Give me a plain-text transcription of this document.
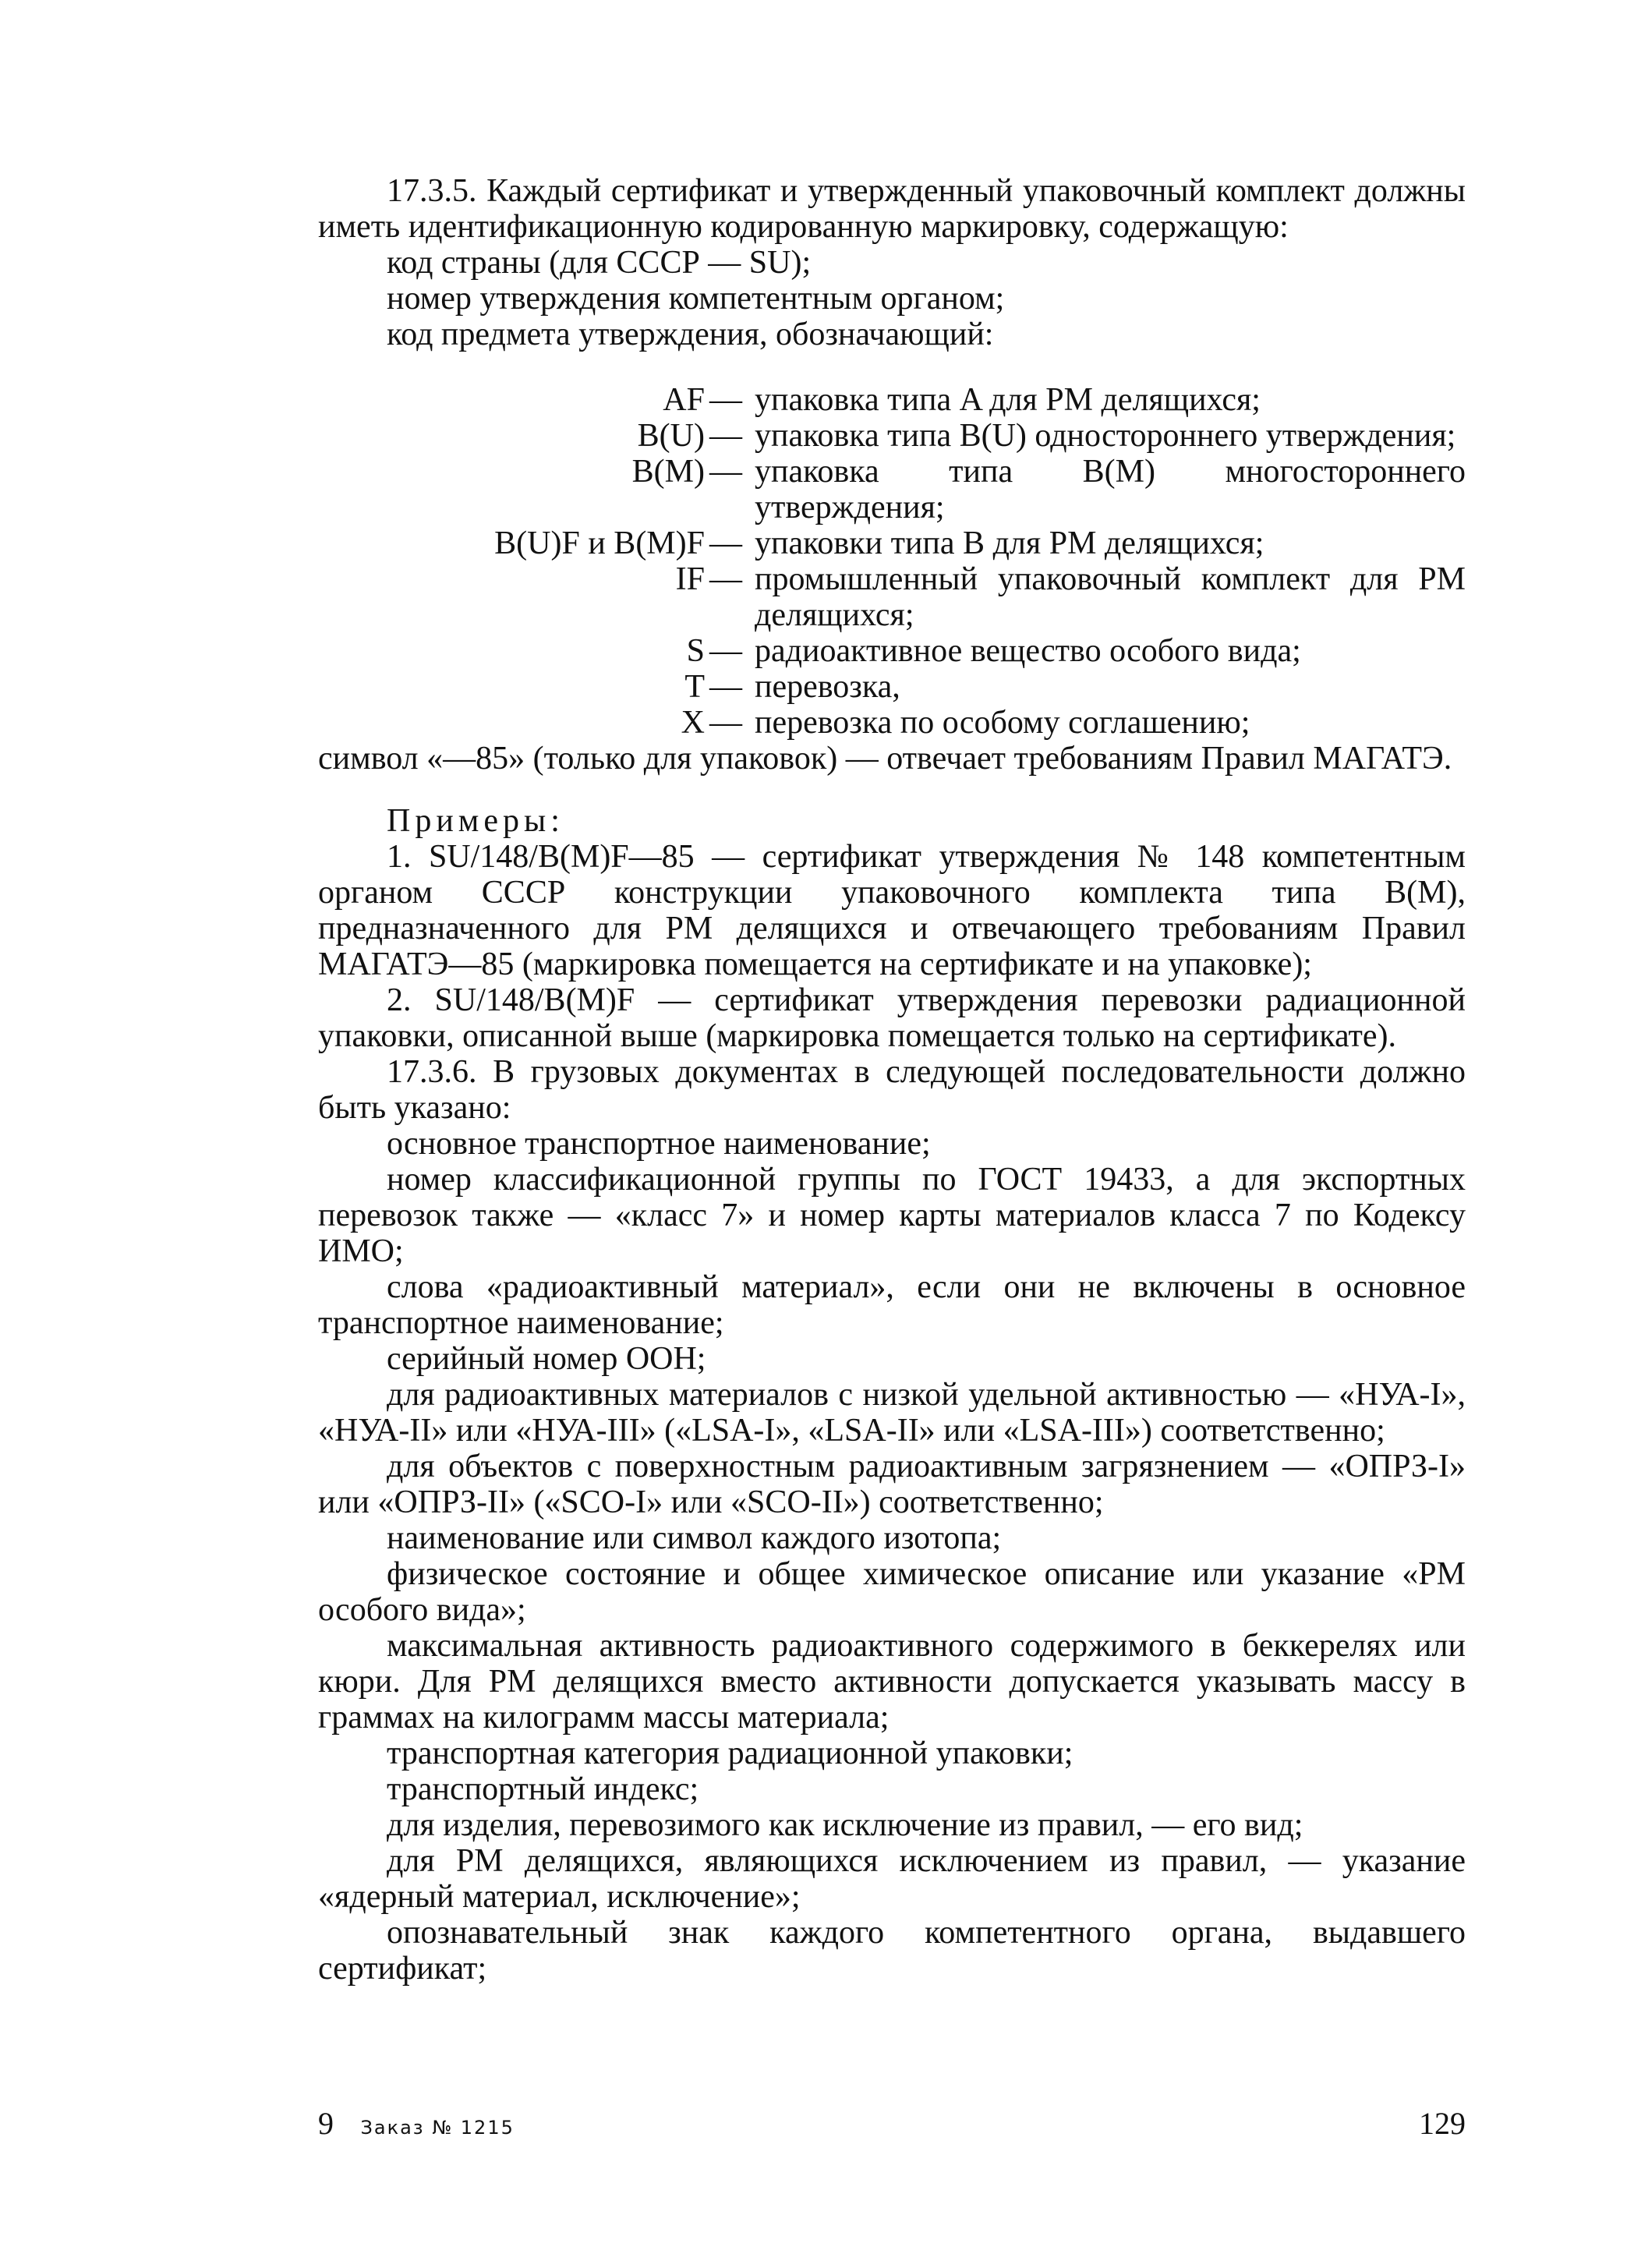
17.3.5. Каждый сертификат и утвержденный упаковочный комплект должны иметь идентификационную кодированную маркировку, содержащую:

код страны (для СССР — SU);

номер утверждения компетентным органом;

код предмета утверждения, обозначающий:

AF — упаковка типа A для РМ делящихся;
B(U) — упаковка типа B(U) одностороннего утверждения;
B(M) — упаковка типа B(M) многостороннего утверждения;
B(U)F и B(M)F — упаковки типа B для РМ делящихся;
IF — промышленный упаковочный комплект для РМ делящихся;
S — радиоактивное вещество особого вида;
T — перевозка,
X — перевозка по особому соглашению;

символ «—85» (только для упаковок) — отвечает требованиям Правил МАГАТЭ.

Примеры:

1. SU/148/B(M)F—85 — сертификат утверждения № 148 компетентным органом СССР конструкции упаковочного комплекта типа B(M), предназначенного для РМ делящихся и отвечающего требованиям Правил МАГАТЭ—85 (маркировка помещается на сертификате и на упаковке);

2. SU/148/B(M)F — сертификат утверждения перевозки радиационной упаковки, описанной выше (маркировка помещается только на сертификате).

17.3.6. В грузовых документах в следующей последовательности должно быть указано:

основное транспортное наименование;

номер классификационной группы по ГОСТ 19433, а для экспортных перевозок также — «класс 7» и номер карты материалов класса 7 по Кодексу ИМО;

слова «радиоактивный материал», если они не включены в основное транспортное наименование;

серийный номер ООН;

для радиоактивных материалов с низкой удельной активностью — «НУА-I», «НУА-II» или «НУА-III» («LSA-I», «LSA-II» или «LSA-III») соответственно;

для объектов с поверхностным радиоактивным загрязнением — «ОПРЗ-I» или «ОПРЗ-II» («SCO-I» или «SCO-II») соответственно;

наименование или символ каждого изотопа;

физическое состояние и общее химическое описание или указание «РМ особого вида»;

максимальная активность радиоактивного содержимого в беккерелях или кюри. Для РМ делящихся вместо активности допускается указывать массу в граммах на килограмм массы материала;

транспортная категория радиационной упаковки;

транспортный индекс;

для изделия, перевозимого как исключение из правил, — его вид;

для РМ делящихся, являющихся исключением из правил, — указание «ядерный материал, исключение»;

опознавательный знак каждого компетентного органа, выдавшего сертификат;

9 Заказ № 1215	129
